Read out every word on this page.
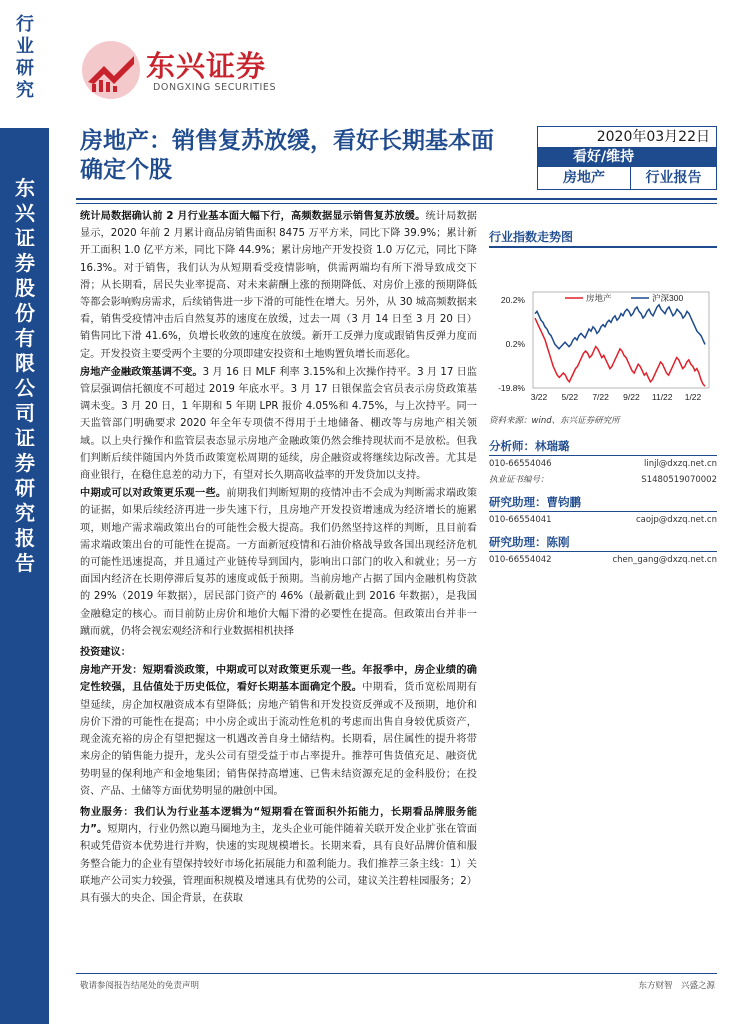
行业研究
东兴证券股份有限公司证券研究报告
东兴证券
DONGXING SECURITIES
房地产：销售复苏放缓，看好长期基本面确定个股
2020年03月22日
看好/维持
房地产	行业报告

统计局数据确认前 2 月行业基本面大幅下行，高频数据显示销售复苏放缓。统计局数据显示，2020 年前 2 月累计商品房销售面积 8475 万平方米，同比下降 39.9%；累计新开工面积 1.0 亿平方米，同比下降 44.9%；累计房地产开发投资 1.0 万亿元，同比下降 16.3%。对于销售，我们认为从短期看受疫情影响，供需两端均有所下滑导致成交下滑；从长期看，居民失业率提高、对未来薪酬上涨的预期降低、对房价上涨的预期降低等都会影响购房需求，后续销售进一步下滑的可能性在增大。另外，从 30 城高频数据来看，销售受疫情冲击后自然复苏的速度在放缓，过去一周（3 月 14 日至 3 月 20 日）销售同比下滑 41.6%，负增长收敛的速度在放缓。新开工反弹力度或跟销售反弹力度而定。开发投资主要受两个主要的分项即建安投资和土地购置负增长而恶化。

房地产金融政策基调不变。3 月 16 日 MLF 利率 3.15%和上次操作持平。3 月 17 日监管层强调信托额度不可超过 2019 年底水平。3 月 17 日银保监会官员表示房贷政策基调未变。3 月 20 日，1 年期和 5 年期 LPR 报价 4.05%和 4.75%，与上次持平。同一天监管部门明确要求 2020 年全年专项债不得用于土地储备、棚改等与房地产相关领域。以上央行操作和监管层表态显示房地产金融政策仍然会维持现状而不是放松。但我们判断后续伴随国内外货币政策宽松周期的延续，房企融资或将继续边际改善。尤其是商业银行，在稳住息差的动力下，有望对长久期高收益率的开发贷加以支持。

中期或可以对政策更乐观一些。前期我们判断短期的疫情冲击不会成为判断需求端政策的证据，如果后续经济再进一步失速下行，且房地产开发投资增速成为经济增长的施累项，则地产需求端政策出台的可能性会极大提高。我们仍然坚持这样的判断，且目前看需求端政策出台的可能性在提高。一方面新冠疫情和石油价格战导致各国出现经济危机的可能性迅速提高，并且通过产业链传导到国内，影响出口部门的收入和就业；另一方面国内经济在长期停滞后复苏的速度或低于预期。当前房地产占据了国内金融机构贷款的 29%（2019 年数据），居民部门资产的 46%（最新截止到 2016 年数据），是我国金融稳定的核心。而目前防止房价和地价大幅下滑的必要性在提高。但政策出台并非一蹴而就，仍将会视宏观经济和行业数据相机抉择

投资建议：

房地产开发：短期看淡政策，中期或可以对政策更乐观一些。年报季中，房企业绩的确定性较强，且估值处于历史低位，看好长期基本面确定个股。中期看，货币宽松周期有望延续，房企加权融资成本有望降低；房地产销售和开发投资反弹或不及预期，地价和房价下滑的可能性在提高；中小房企或出于流动性危机的考虑而出售自身较优质资产，现金流充裕的房企有望把握这一机遇改善自身土储结构。长期看，居住属性的提升将带来房企的销售能力提升，龙头公司有望受益于市占率提升。推荐可售货值充足、融资优势明显的保利地产和金地集团；销售保持高增速、已售未结资源充足的金科股份；在投资、产品、土储等方面优势明显的融创中国。

物业服务：我们认为行业基本逻辑为“短期看在管面积外拓能力，长期看品牌服务能力”。短期内，行业仍然以跑马圈地为主，龙头企业可能伴随着关联开发企业扩张在管面积或凭借资本优势进行并购，快速的实现规模增长。长期来看，具有良好品牌价值和服务整合能力的企业有望保持较好市场化拓展能力和盈利能力。我们推荐三条主线：1）关联地产公司实力较强，管理面积规模及增速具有优势的公司，建议关注碧桂园服务；2）具有强大的央企、国企背景，在获取

行业指数走势图
20.2%
0.2%
-19.8%
3/22 5/22 7/22 9/22 11/22 1/22
房地产	沪深300
资料来源：wind、东兴证券研究所
分析师：林瑞璐
010-66554046	linjl@dxzq.net.cn
执业证书编号：	S1480519070002
研究助理：曹钧鹏
010-66554041	caojp@dxzq.net.cn
研究助理：陈刚
010-66554042	chen_gang@dxzq.net.cn
敬请参阅报告结尾处的免责声明	东方财智　兴盛之源
